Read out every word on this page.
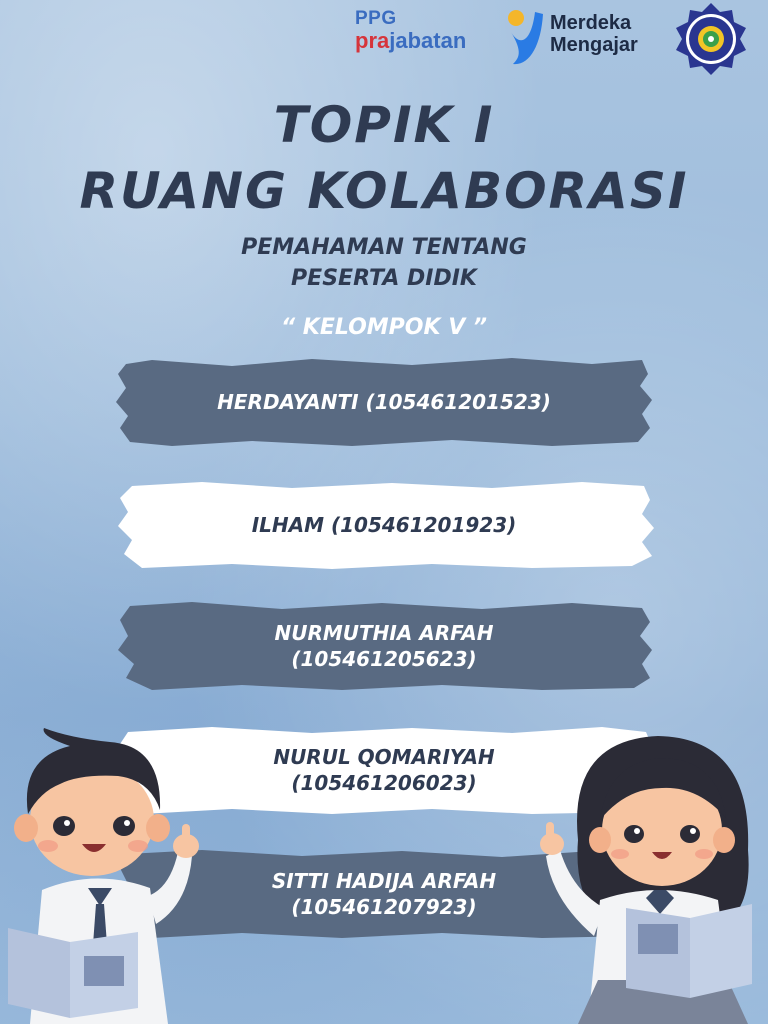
PPG
prajabatan
Merdeka
Mengajar
TOPIK I
RUANG KOLABORASI
PEMAHAMAN TENTANG
PESERTA DIDIK
“ KELOMPOK V ”
HERDAYANTI (105461201523)
ILHAM (105461201923)
NURMUTHIA ARFAH
(105461205623)
NURUL QOMARIYAH
(105461206023)
SITTI HADIJA ARFAH
(105461207923)
